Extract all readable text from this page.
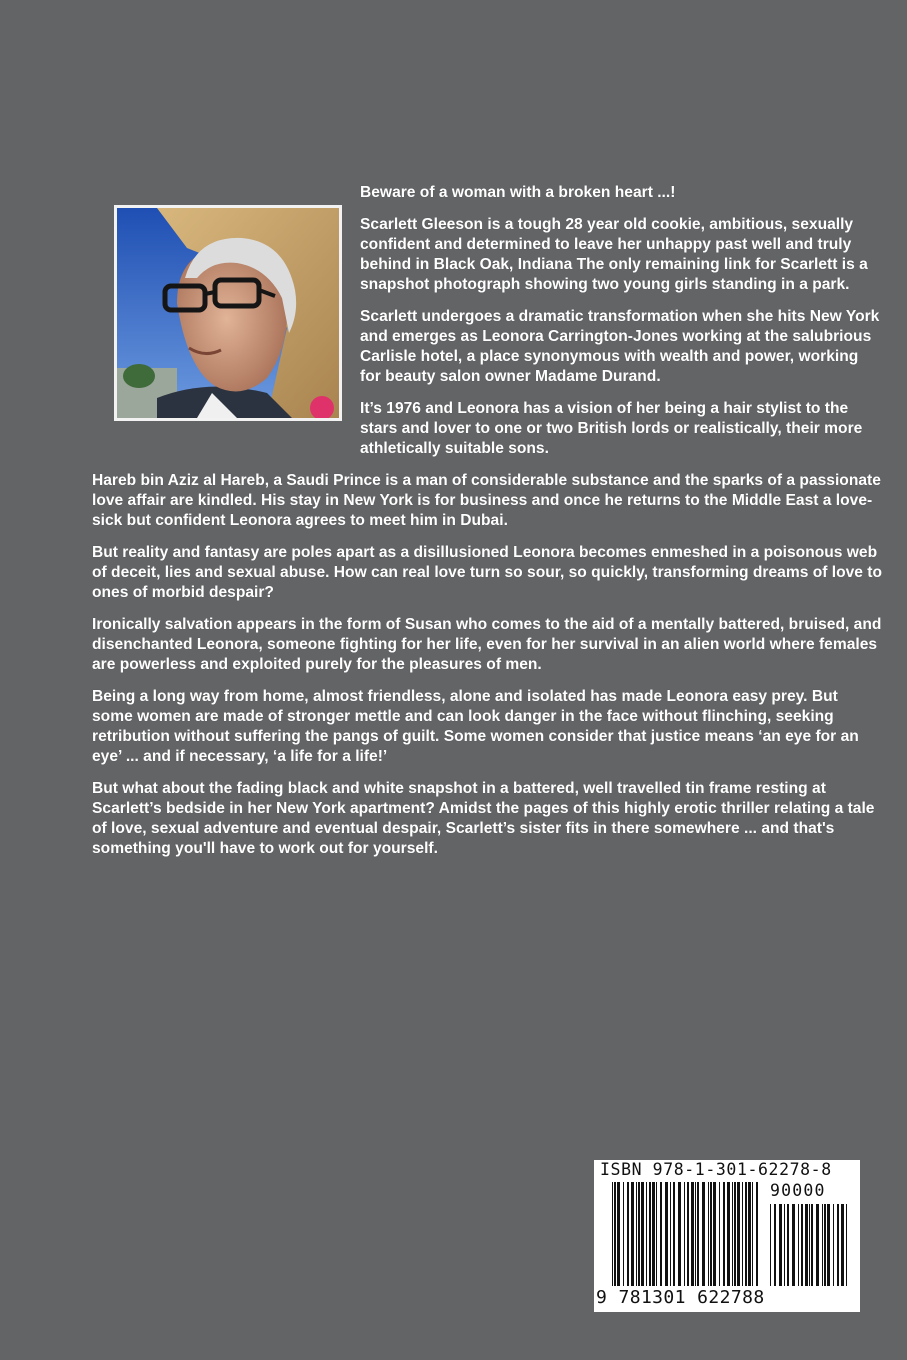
Beware of a woman with a broken heart ...!

Scarlett Gleeson is a tough 28 year old cookie, ambitious, sexually confident and determined to leave her unhappy past well and truly behind in Black Oak, Indiana The only remaining link for Scarlett is a snapshot photograph showing two young girls standing in a park.

Scarlett undergoes a dramatic transformation when she hits New York and emerges as Leonora Carrington-Jones working at the salubrious Carlisle hotel, a place synonymous with wealth and power, working for beauty salon owner Madame Durand.

It’s 1976 and Leonora has a vision of her being a hair stylist to the stars and lover to one or two British lords or realistically, their more athletically suitable sons.

Hareb bin Aziz al Hareb, a Saudi Prince is a man of considerable substance and the sparks of a passionate love affair are kindled. His stay in New York is for business and once he returns to the Middle East a love-sick but confident Leonora agrees to meet him in Dubai.

But reality and fantasy are poles apart as a disillusioned Leonora becomes enmeshed in a poisonous web of deceit, lies and sexual abuse. How can real love turn so sour, so quickly, transforming dreams of love to ones of morbid despair?

Ironically salvation appears in the form of Susan who comes to the aid of a mentally battered, bruised, and disenchanted Leonora, someone fighting for her life, even for her survival in an alien world where females are powerless and exploited purely for the pleasures of men.

Being a long way from home, almost friendless, alone and isolated has made Leonora easy prey. But some women are made of stronger mettle and can look danger in the face without flinching, seeking retribution without suffering the pangs of guilt. Some women consider that justice means ‘an eye for an eye’ ... and if necessary, ‘a life for a life!’

But what about the fading black and white snapshot in a battered, well travelled tin frame resting at Scarlett’s bedside in her New York apartment? Amidst the pages of this highly erotic thriller relating a tale of love, sexual adventure and eventual despair, Scarlett’s sister fits in there somewhere ... and that's something you'll have to work out for yourself.

ISBN 978-1-301-62278-8
90000
9 781301 622788
